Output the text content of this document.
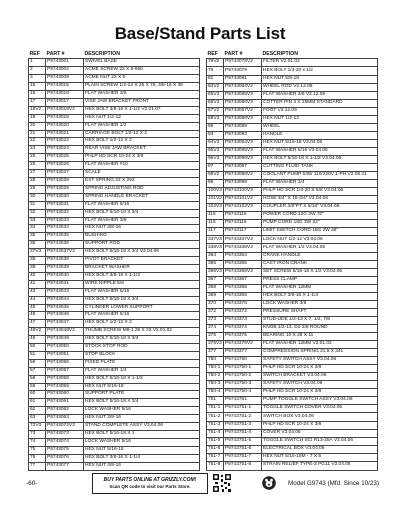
Base/Stand Parts List
REF	PART #	DESCRIPTION
1	P9743001	SWIVEL BASE
2	P9743002	ACME SCREW 22 X 5-650
3	P9743009	ACME NUT 22 X 5
15	P9743015	PLAIN SCREW 1/2-12 X 26 X 78, 3/8-16 X 38
16	P9743016	FLAT WASHER 3/8
17	P9743017	VISE JAW BRACKET FRONT
18V2	P9743018V2	HEX BOLT 3/8-16 X 1-1/2 V2.01.07
19	P9743019	HEX NUT 1/2-12
20	P9743020	FLAT WASHER 1/2
21	P9743021	CARRIAGE BOLT 1/2-12 X 2
22	P9743022	HEX BOLT 1/2-12 X 2
24	P9743024	REAR VISE JAW BRACKET
25	P9743025	PHLP HD SCR 10-24 X 3/8
26	P9743026	FLAT WASHER #10
27	P9743027	SCALE
28	P9743028	EXT SPRING 32 X 292
29	P9743029	SPRING ADJUSTING ROD
30	P9743030	SPRING HANDLE BRACKET
31	P9743031	FLAT WASHER 5/16
32	P9743032	HEX BOLT 5/16-18 X 3/4
33	P9743033	FLAT WASHER 3/8
34	P9743034	HEX NUT 3/8-16
35	P9743035	BUSHING
36	P9743036	SUPPORT ROD
37V3	P9743037V3	HEX BOLT 5/16-18 X 3/4 V3.04.06
38	P9743038	PIVOT BRACKET
39	P9743039	BRACKET WASHER
40	P9743040	HEX BOLT 3/8-16 X 1-1/2
41	P9743041	WIRE NIPPLE 5/8
43	P9743043	FLAT WASHER 5/16
44	P9743044	HEX BOLT 5/16-18 X 3/4
45	P9743045	CYLINDER LOWER SUPPORT
46	P9743046	FLAT WASHER 5/16
47	P9743047	HEX BOLT 1/2-12 X 2
48V2	P9743048V2	THUMB SCREW M8-1.25 X 23 V2.01.02
49	P9743049	HEX BOLT 5/16-18 X 3/4
50	P9743050	STOCK STOP ROD
51	P9743051	STOP BLOCK
56	P9743056	FIXED PLATE
57	P9743057	FLAT WASHER 1/4
58	P9743058	HEX BOLT 5/16-18 X 1-1/2
59	P9743059	HEX NUT 5/16-18
60	P9743060	SUPPORT PLATE
61	P9743061	HEX BOLT 5/16-18 X 3/4
62	P9743062	LOCK WASHER 5/16
63	P9743063	HEX NUT 3/8-16
72V3	P9743072V3	STAND COMPLETE ASSY V3.04.06
73	P9743073	HEX BOLT 5/16-18 X 1
74	P9743074	LOCK WASHER 5/16
75	P9743075	HEX NUT 5/16-18
76	P9743076	HEX BOLT 3/8-16 X 1-1/4
77	P9743077	HEX NUT 3/8-16
REF	PART #	DESCRIPTION
78V2	P9743078V2	FILTER V2.01.02
79	P9743079	HEX BOLT 1/4-20 x 1/2
81	P9743081	HEX NUT 5/8-18
84V2	P9743084V2	WHEEL ROD V2.12.09
85V3	P9743085V3	FLAT WASHER 3/8 V3.12.09
86V3	P9743086V3	COTTER PIN 3 X 25MM STANDARD
87V2	P9743087V2	FOOT V2.12.09
88V3	P9743088V3	HEX NUT 1/2-12
89	P9743089	WHEEL
93	P9743093	HANDLE
94V3	P9743094V3	HEX NUT 5/16-18 V3.04.06
95V3	P9743095V3	FLAT WASHER 5/16 V3.04.06
96V3	P9743096V3	HEX BOLT 5/16-18 X 1-1/2 V3.04.06
97	P9743097	CUTTING FLUID TANK
98V2	P9743098V2	COOLANT PUMP 53W 110/220V 1-PH V2.08.21
99	P9743099	FLAT WASHER 1/4
100V3	P9743100V3	PHLP HD SCR 1/4-20 X 5/8 V3.04.06
101V2	P9743101V2	HOSE 3/4" X 15-3/4" V2.04.06
102V3	P9743102V3	COUPLER 3/8"PT X 5/16" V3.04.06
115	P9743115	POWER CORD 12G 3W 70"
116	P9743116	PUMP CORD 18G 3W 22"
117	P9743117	LIMIT SWITCH CORD 18G 2W 48"
337V3	P9743337V3	LOCK NUT 1/2-12 V3.04.06
338V3	P9743338V3	FLAT WASHER 1/2 V3.04.06
364	P9743364	CRANK HANDLE
365	P9743365	CAST IRON CRANK
366V3	P9743366V3	SET SCREW 5/16-18 X 1/2 V3.04.06
367	P9743367	PRESS CLAMP
368	P9743368	FLAT WASHER 12MM
369	P9743369	HEX BOLT 3/8-16 X 1-1/4
370	P9743370	LOCK WASHER 3/8
372	P9743372	PRESSURE SHAFT
373	P9743373	STUD-UDE 1/2-13 X 7, 1/2, 7/8
374	P9743374	KNOB 1/2-13, D1-3/8 ROUND
375	P9743375	BEARING 10 X 28 X 11
376V2	P9743376V2	FLAT WASHER 12MM V2.01.02
377	P9743377	COMPRESSION SPRING 31.5 X 34L
750	P9743750	SAFETY SWITCH ASSY V3.04.06
750-1	P9743750-1	PHLP HD SCR 10-24 X 3/8
750-2	P9743750-2	SWITCH BRACKET V3.04.06
750-3	P9743750-3	SAFETY SWITCH V3.04.06
750-4	P9743750-4	PHLP HD SCR 10-24 X 3/8
751	P9743751	PUMP TOGGLE SWITCH ASSY V3.04.06
751-1	P9743751-1	TOGGLE SWITCH COVER V3.04.06
751-2	P9743751-2	SWITCH BOX V3.04.06
751-3	P9743751-3	PHLP HD SCR 10-24 X 3/8
751-4	P9743751-4	COVER V3.04.06
751-5	P9743751-5	TOGGLE SWITCH SCI R13-25A V3.04.06
751-6	P9743751-6	ELECTRICAL BOX V3.04.06
751-7	P9743751-7	HEX NUT 5/16-18M - 7 X 6
751-8	P9743751-8	STRAIN RELIEF TYPE-3 PG11 V3.04.06
-60-	BUY PARTS ONLINE AT GRIZZLY.COM!
Scan QR code to visit our Parts Store.	Model G9743 (Mfd. Since 10/23)
